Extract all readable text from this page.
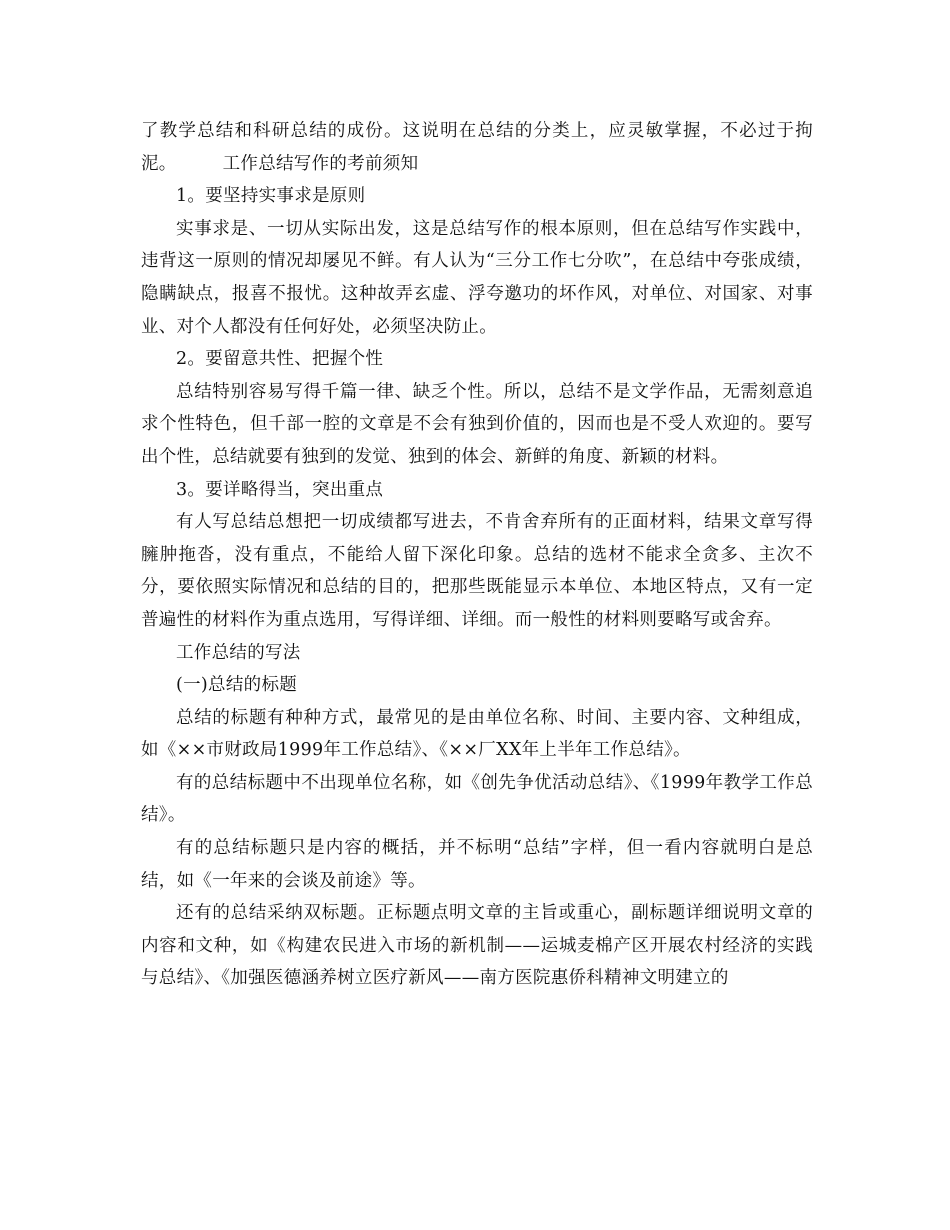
了教学总结和科研总结的成份。这说明在总结的分类上，应灵敏掌握，不必过于拘泥。	工作总结写作的考前须知

1。要坚持实事求是原则

实事求是、一切从实际出发，这是总结写作的根本原则，但在总结写作实践中，违背这一原则的情况却屡见不鲜。有人认为“三分工作七分吹”，在总结中夸张成绩，隐瞒缺点，报喜不报忧。这种故弄玄虚、浮夸邀功的坏作风，对单位、对国家、对事业、对个人都没有任何好处，必须坚决防止。

2。要留意共性、把握个性

总结特别容易写得千篇一律、缺乏个性。所以，总结不是文学作品，无需刻意追求个性特色，但千部一腔的文章是不会有独到价值的，因而也是不受人欢迎的。要写出个性，总结就要有独到的发觉、独到的体会、新鲜的角度、新颖的材料。

3。要详略得当，突出重点

有人写总结总想把一切成绩都写进去，不肯舍弃所有的正面材料，结果文章写得臃肿拖沓，没有重点，不能给人留下深化印象。总结的选材不能求全贪多、主次不分，要依照实际情况和总结的目的，把那些既能显示本单位、本地区特点，又有一定普遍性的材料作为重点选用，写得详细、详细。而一般性的材料则要略写或舍弃。

工作总结的写法

(一)总结的标题

总结的标题有种种方式，最常见的是由单位名称、时间、主要内容、文种组成，如《××市财政局1999年工作总结》、《××厂XX年上半年工作总结》。

有的总结标题中不出现单位名称，如《创先争优活动总结》、《1999年教学工作总结》。

有的总结标题只是内容的概括，并不标明“总结”字样，但一看内容就明白是总结，如《一年来的会谈及前途》等。

还有的总结采纳双标题。正标题点明文章的主旨或重心，副标题详细说明文章的内容和文种，如《构建农民进入市场的新机制——运城麦棉产区开展农村经济的实践与总结》、《加强医德涵养树立医疗新风——南方医院惠侨科精神文明建立的
